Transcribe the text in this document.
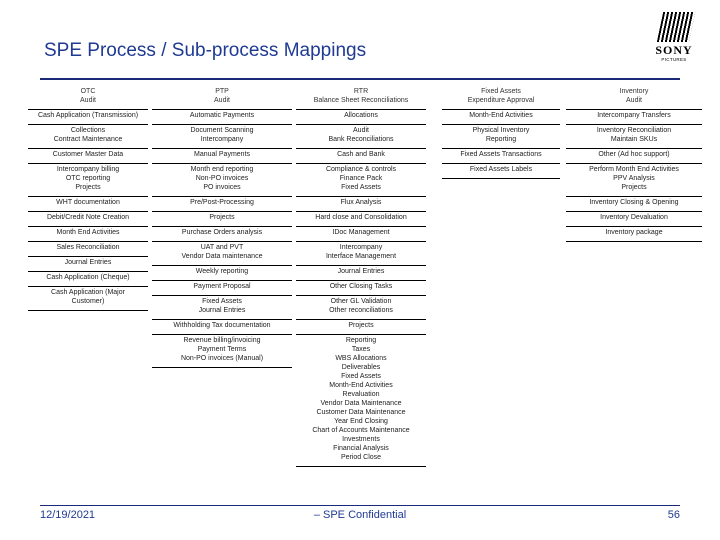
SPE Process / Sub-process Mappings	SONY
PICTURES
OTC
Audit
Cash Application (Transmission)
Collections
Contract Maintenance
Customer Master Data
Intercompany billing
OTC reporting
Projects
WHT documentation
Debit/Credit Note Creation
Month End Activities
Sales Reconciliation
Journal Entries
Cash Application (Cheque)
Cash Application (Major
Customer)
PTP
Audit
Automatic Payments
Document Scanning
Intercompany
Manual Payments
Month end reporting
Non-PO invoices
PO invoices
Pre/Post-Processing
Projects
Purchase Orders analysis
UAT and PVT
Vendor Data maintenance
Weekly reporting
Payment Proposal
Fixed Assets
Journal Entries
Withholding Tax documentation
Revenue billing/invoicing
Payment Terms
Non-PO invoices (Manual)
RTR
Balance Sheet Reconciliations
Allocations
Audit
Bank Reconciliations
Cash and Bank
Compliance & controls
Finance Pack
Fixed Assets
Flux Analysis
Hard close and Consolidation
IDoc Management
Intercompany
Interface Management
Journal Entries
Other Closing Tasks
Other GL Validation
Other reconciliations
Projects
Reporting
Taxes
WBS Allocations
Deliverables
Fixed Assets
Month-End Activities
Revaluation
Vendor Data Maintenance
Customer Data Maintenance
Year End Closing
Chart of Accounts Maintenance
Investments
Financial Analysis
Period Close
Fixed Assets
Expenditure Approval
Month-End Activities
Physical Inventory
Reporting
Fixed Assets Transactions
Fixed Assets Labels
Inventory
Audit
Intercompany Transfers
Inventory Reconciliation
Maintain SKUs
Other (Ad hoc support)
Perform Month End Activities
PPV Analysis
Projects
Inventory Closing & Opening
Inventory Devaluation
Inventory package
12/19/2021	– SPE Confidential	56
